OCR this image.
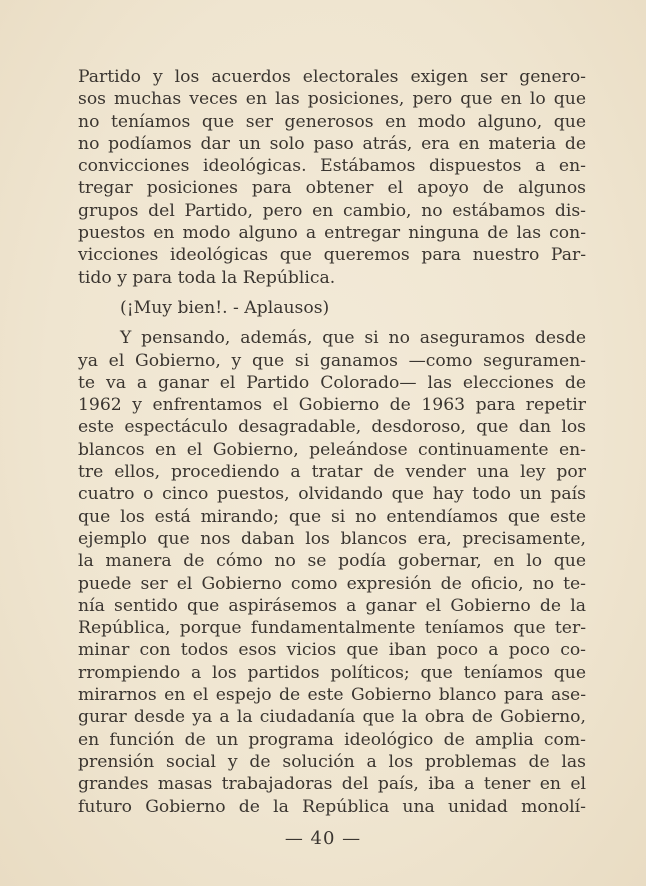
Partido y los acuerdos electorales exigen ser genero-
sos muchas veces en las posiciones, pero que en lo que
no teníamos que ser generosos en modo alguno, que
no podíamos dar un solo paso atrás, era en materia de
convicciones ideológicas. Estábamos dispuestos a en-
tregar posiciones para obtener el apoyo de algunos
grupos del Partido, pero en cambio, no estábamos dis-
puestos en modo alguno a entregar ninguna de las con-
vicciones ideológicas que queremos para nuestro Par-
tido y para toda la República.
(¡Muy bien!. - Aplausos)
Y pensando, además, que si no aseguramos desde
ya el Gobierno, y que si ganamos —como seguramen-
te va a ganar el Partido Colorado— las elecciones de
1962 y enfrentamos el Gobierno de 1963 para repetir
este espectáculo desagradable, desdoroso, que dan los
blancos en el Gobierno, peleándose continuamente en-
tre ellos, procediendo a tratar de vender una ley por
cuatro o cinco puestos, olvidando que hay todo un país
que los está mirando; que si no entendíamos que este
ejemplo que nos daban los blancos era, precisamente,
la manera de cómo no se podía gobernar, en lo que
puede ser el Gobierno como expresión de oficio, no te-
nía sentido que aspirásemos a ganar el Gobierno de la
República, porque fundamentalmente teníamos que ter-
minar con todos esos vicios que iban poco a poco co-
rrompiendo a los partidos políticos; que teníamos que
mirarnos en el espejo de este Gobierno blanco para ase-
gurar desde ya a la ciudadanía que la obra de Gobierno,
en función de un programa ideológico de amplia com-
prensión social y de solución a los problemas de las
grandes masas trabajadoras del país, iba a tener en el
futuro Gobierno de la República una unidad monolí-
— 40 —
